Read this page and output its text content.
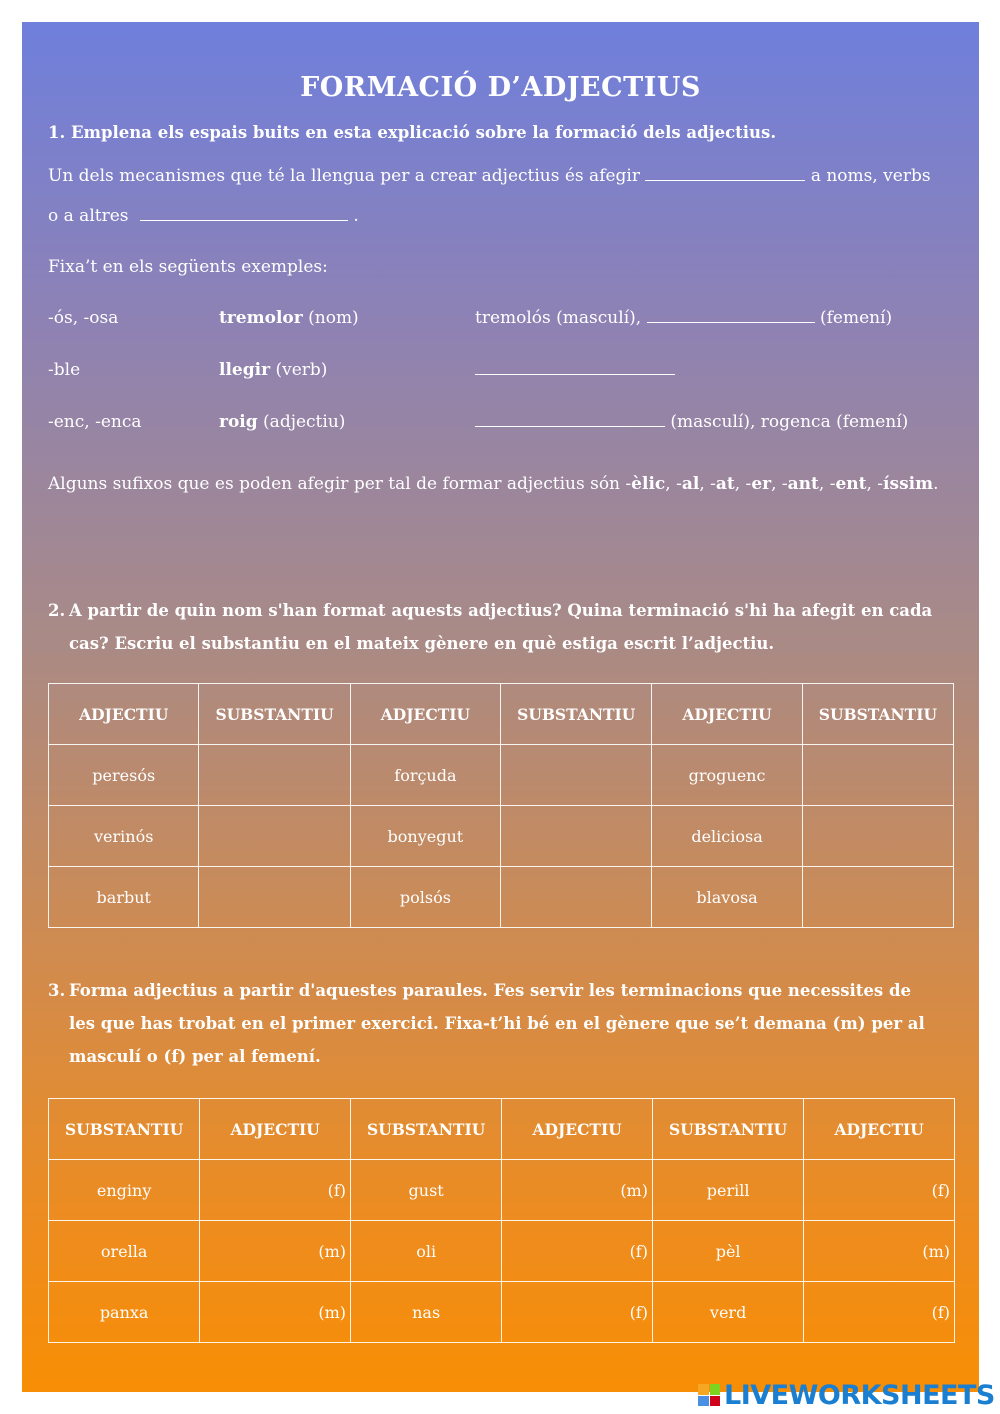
FORMACIÓ D’ADJECTIUS
1. Emplena els espais buits en esta explicació sobre la formació dels adjectius.
Un dels mecanismes que té la llengua per a crear adjectius és afegir	a noms, verbs
o a altres	.
Fixa’t en els següents exemples:
-ós, -osa	tremolor (nom)	tremolós (masculí),	(femení)
-ble	llegir (verb)
-enc, -enca	roig (adjectiu)	(masculí), rogenca (femení)
Alguns sufixos que es poden afegir per tal de formar adjectius són -èlic, -al, -at, -er, -ant, -ent, -íssim.
2. A partir de quin nom s'han format aquests adjectius? Quina terminació s'hi ha afegit en cada
cas? Escriu el substantiu en el mateix gènere en què estiga escrit l’adjectiu.
ADJECTIU	SUBSTANTIU	ADJECTIU	SUBSTANTIU	ADJECTIU	SUBSTANTIU
peresós		forçuda		groguenc	
verinós		bonyegut		deliciosa	
barbut		polsós		blavosa	
3. Forma adjectius a partir d'aquestes paraules. Fes servir les terminacions que necessites de
les que has trobat en el primer exercici. Fixa-t’hi bé en el gènere que se’t demana (m) per al
masculí o (f) per al femení.
SUBSTANTIU	ADJECTIU	SUBSTANTIU	ADJECTIU	SUBSTANTIU	ADJECTIU
enginy	(f)	gust	(m)	perill	(f)
orella	(m)	oli	(f)	pèl	(m)
panxa	(m)	nas	(f)	verd	(f)
LIVEWORKSHEETS
